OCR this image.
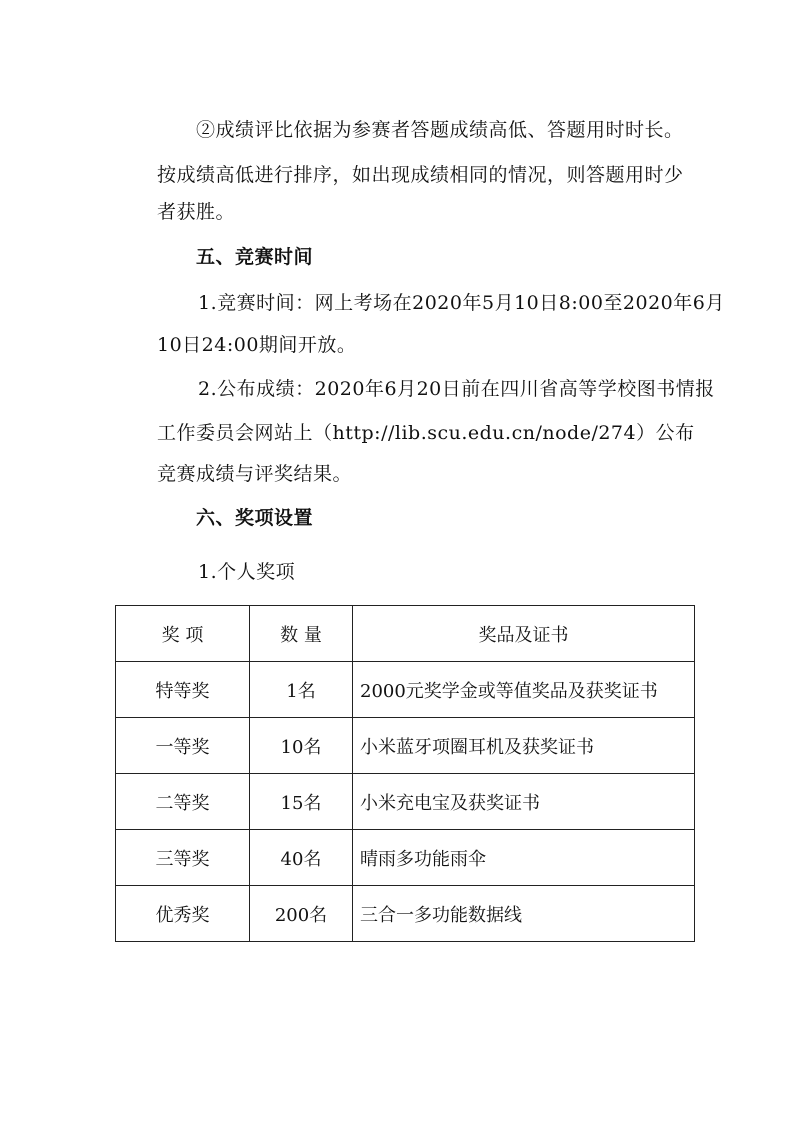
②成绩评比依据为参赛者答题成绩高低、答题用时时长。
按成绩高低进行排序，如出现成绩相同的情况，则答题用时少
者获胜。
五、竞赛时间
1.竞赛时间：网上考场在2020年5月10日8:00至2020年6月
10日24:00期间开放。
2.公布成绩：2020年6月20日前在四川省高等学校图书情报
工作委员会网站上（http://lib.scu.edu.cn/node/274）公布
竞赛成绩与评奖结果。
六、奖项设置
1.个人奖项
奖 项	数 量	奖品及证书
特等奖	1名	2000元奖学金或等值奖品及获奖证书
一等奖	10名	小米蓝牙项圈耳机及获奖证书
二等奖	15名	小米充电宝及获奖证书
三等奖	40名	晴雨多功能雨伞
优秀奖	200名	三合一多功能数据线
